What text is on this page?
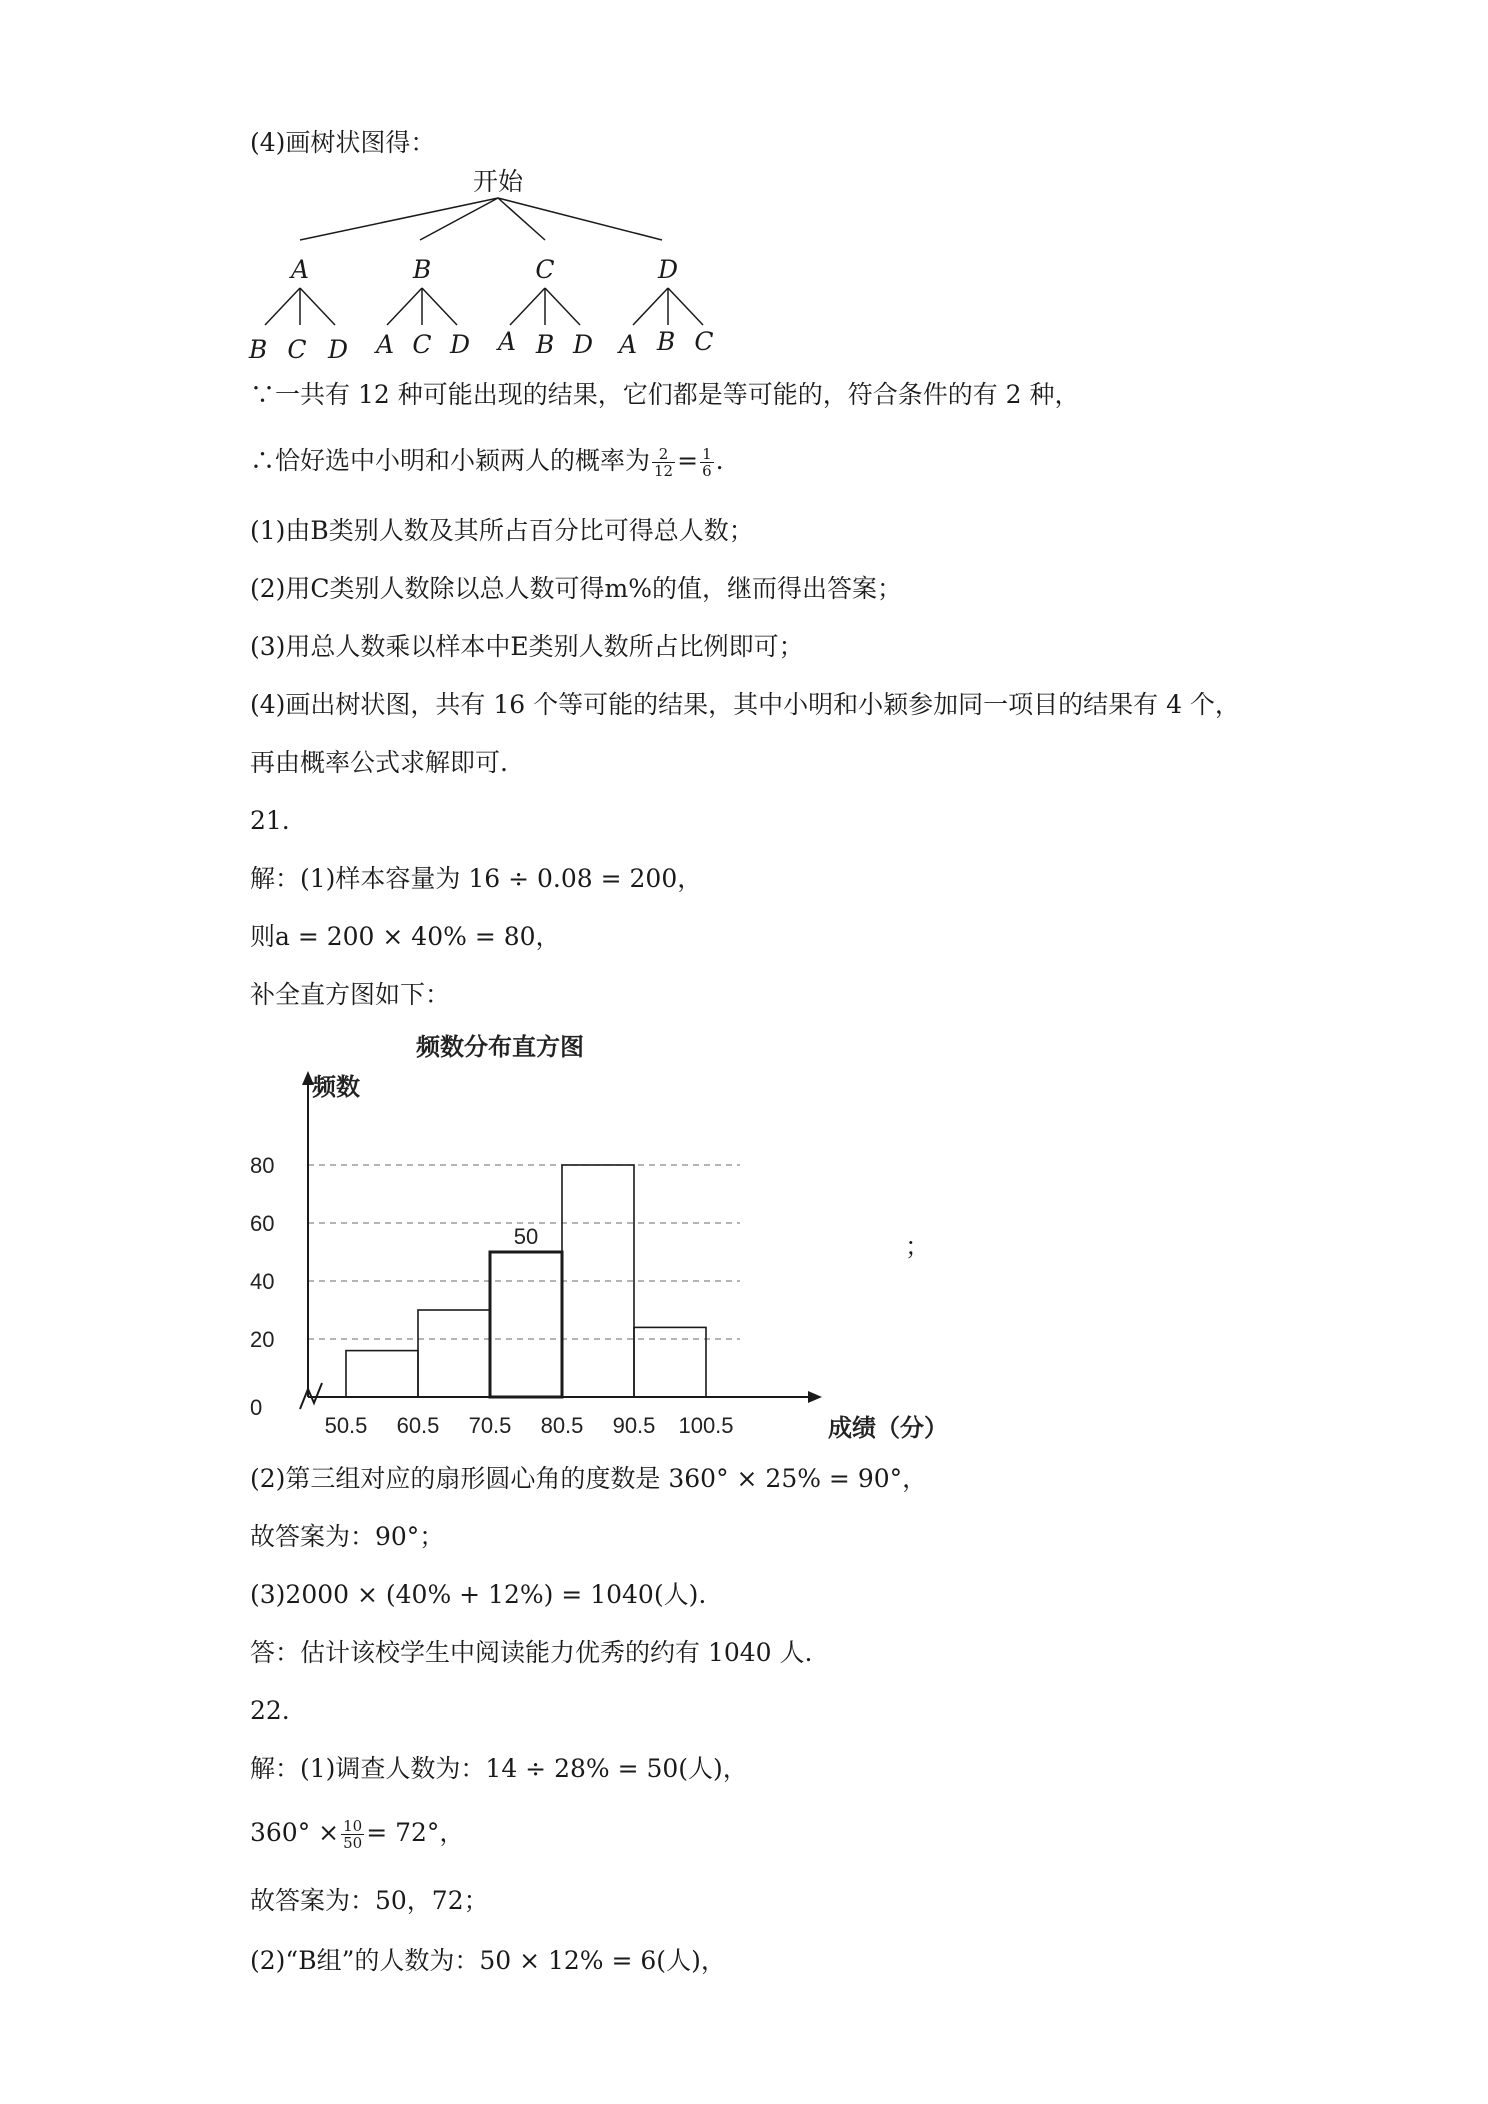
(4)画树状图得：
开始
A	B	C	D
B C D A C D A B D A B C
∵一共有 12 种可能出现的结果，它们都是等可能的，符合条件的有 2 种，
∴恰好选中小明和小颖两人的概率为 $\frac{2}{12} = \frac{1}{6}$ .
(1)由B类别人数及其所占百分比可得总人数；
(2)用C类别人数除以总人数可得m%的值，继而得出答案；
(3)用总人数乘以样本中E类别人数所占比例即可；
(4)画出树状图，共有 16 个等可能的结果，其中小明和小颖参加同一项目的结果有 4 个，
再由概率公式求解即可.
21.
解：(1)样本容量为 16 ÷ 0.08 = 200，
则a = 200 × 40% = 80，
补全直方图如下：
频数分布直方图
频数
50
0
20
40
60
80
50.5 60.5 70.5 80.5 90.5 100.5	成绩（分）
；
(2)第三组对应的扇形圆心角的度数是 360° × 25% = 90°，
故答案为：90°；
(3)2000 × (40% + 12%) = 1040(人).
答：估计该校学生中阅读能力优秀的约有 1040 人.
22.
解：(1)调查人数为：14 ÷ 28% = 50(人)，
$360^\circ \times \frac{10}{50} = 72^\circ$，
故答案为：50，72；
(2)“B组”的人数为：50 × 12% = 6(人)，
